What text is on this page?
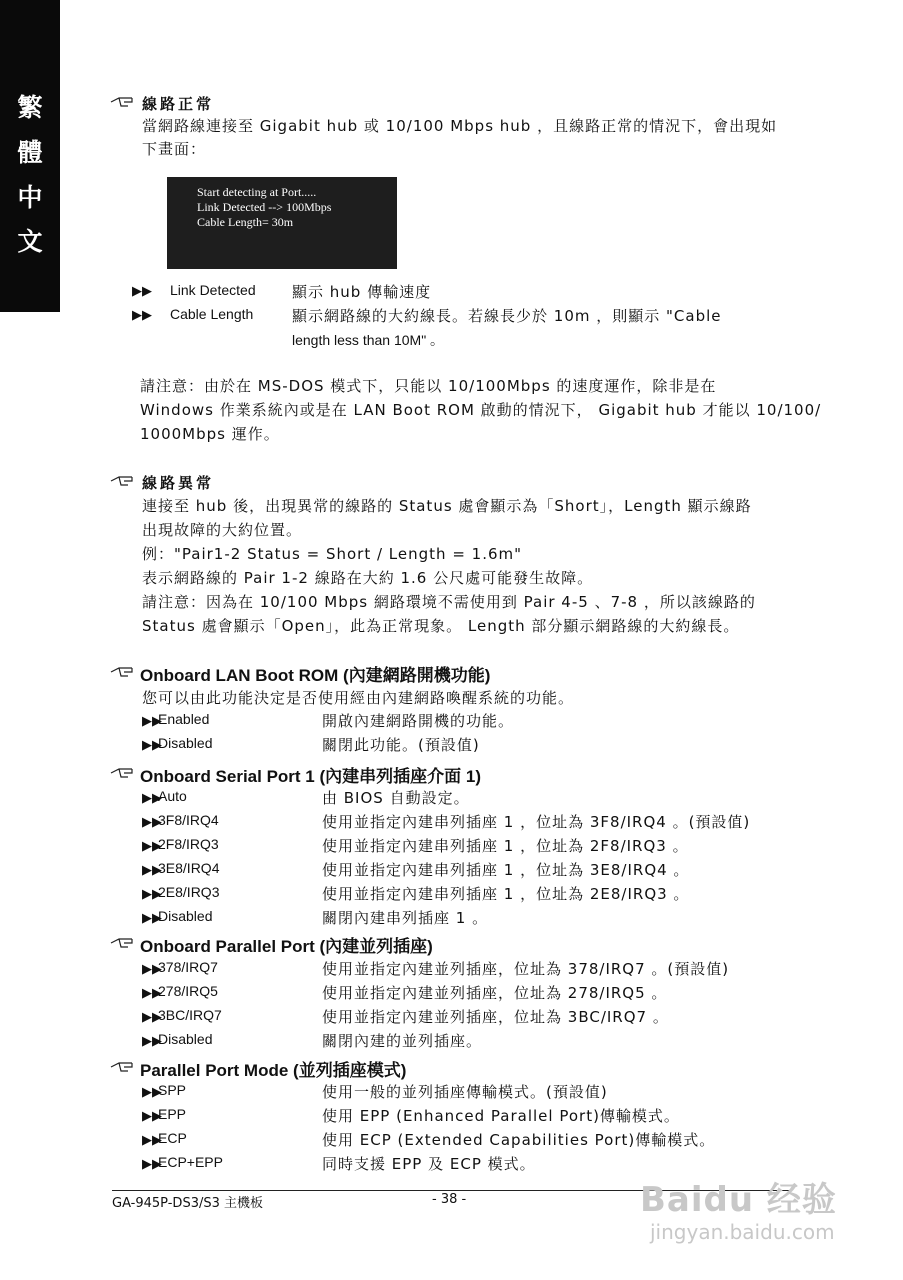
繁
體
中
文
線路正常
當網路線連接至 Gigabit hub 或 10/100 Mbps hub ，且線路正常的情況下，會出現如
下畫面：
Start detecting at Port.....
Link Detected --> 100Mbps
Cable Length= 30m
▶▶ Link Detected 顯示 hub 傳輸速度
▶▶ Cable Length	顯示網路線的大約線長。若線長少於 10m ，則顯示 "Cable
length less than 10M" 。
請注意：由於在 MS-DOS 模式下，只能以 10/100Mbps 的速度運作，除非是在
Windows 作業系統內或是在 LAN Boot ROM 啟動的情況下， Gigabit hub 才能以 10/100/
1000Mbps 運作。
線路異常
連接至 hub 後，出現異常的線路的 Status 處會顯示為「Short」，Length 顯示線路
出現故障的大約位置。
例："Pair1-2 Status = Short / Length = 1.6m"
表示網路線的 Pair 1-2 線路在大約 1.6 公尺處可能發生故障。
請注意：因為在 10/100 Mbps 網路環境不需使用到 Pair 4-5 、7-8 ，所以該線路的
Status 處會顯示「Open」，此為正常現象。 Length 部分顯示網路線的大約線長。
Onboard LAN Boot ROM (內建網路開機功能)
您可以由此功能決定是否使用經由內建網路喚醒系統的功能。
▶▶
Enabled	開啟內建網路開機的功能。
▶▶
Disabled	關閉此功能。(預設值)
Onboard Serial Port 1 (內建串列插座介面 1)
▶▶
Auto	由 BIOS 自動設定。
▶▶
3F8/IRQ4	使用並指定內建串列插座 1 ，位址為 3F8/IRQ4 。(預設值)
▶▶
2F8/IRQ3	使用並指定內建串列插座 1 ，位址為 2F8/IRQ3 。
▶▶
3E8/IRQ4	使用並指定內建串列插座 1 ，位址為 3E8/IRQ4 。
▶▶
2E8/IRQ3	使用並指定內建串列插座 1 ，位址為 2E8/IRQ3 。
▶▶
Disabled	關閉內建串列插座 1 。
Onboard Parallel Port (內建並列插座)
▶▶
378/IRQ7	使用並指定內建並列插座，位址為 378/IRQ7 。(預設值)
▶▶
278/IRQ5	使用並指定內建並列插座，位址為 278/IRQ5 。
▶▶
3BC/IRQ7	使用並指定內建並列插座，位址為 3BC/IRQ7 。
▶▶
Disabled	關閉內建的並列插座。
Parallel Port Mode (並列插座模式)
▶▶
SPP	使用一般的並列插座傳輸模式。(預設值)
▶▶
EPP	使用 EPP (Enhanced Parallel Port)傳輸模式。
▶▶
ECP	使用 ECP (Extended Capabilities Port)傳輸模式。
▶▶
ECP+EPP	同時支援 EPP 及 ECP 模式。
GA-945P-DS3/S3 主機板	- 38 -	Baidu 经验
jingyan.baidu.com
